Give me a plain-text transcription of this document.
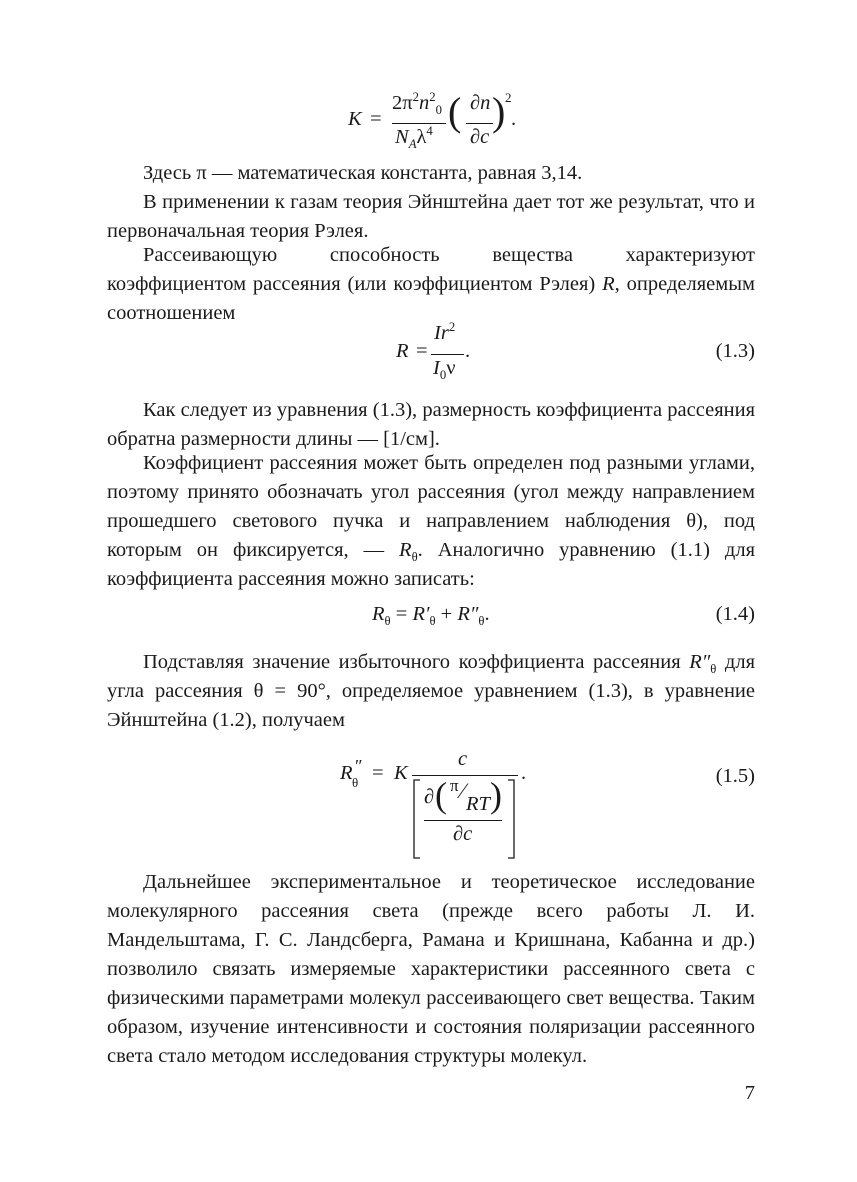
K =
$2\pi^2n^2_0$
$N_A\lambda^4$ ( ∂n
∂c
) 2
.

Здесь π — математическая константа, равная 3,14.

В применении к газам теория Эйнштейна дает тот же результат, что и первоначальная теория Рэлея.

Рассеивающую способность вещества характеризуют коэффициентом рассеяния (или коэффициентом Рэлея) R, определяемым соотношением

R =
$Ir^2$
$I_0\nu$
.	(1.3)

Как следует из уравнения (1.3), размерность коэффициента рассеяния обратна размерности длины — [1/см].

Коэффициент рассеяния может быть определен под разными углами, поэтому принято обозначать угол рассеяния (угол между направлением прошедшего светового пучка и направлением наблюдения θ), под которым он фиксируется, — $R_\theta$. Аналогично уравнению (1.1) для коэффициента рассеяния можно записать:

$R_\theta = R'_\theta + R''_\theta$.	(1.4)

Подставляя значение избыточного коэффициента рассеяния $R''_\theta$ для угла рассеяния θ = 90°, определяемое уравнением (1.3), в уравнение Эйнштейна (1.2), получаем

R ″
θ = K
c
∂ ( π ⁄
RT )
∂c
.	(1.5)

Дальнейшее экспериментальное и теоретическое исследование молекулярного рассеяния света (прежде всего работы Л. И. Мандельштама, Г. С. Ландсберга, Рамана и Кришнана, Кабанна и др.) позволило связать измеряемые характеристики рассеянного света с физическими параметрами молекул рассеивающего свет вещества. Таким образом, изучение интенсивности и состояния поляризации рассеянного света стало методом исследования структуры молекул.

7
